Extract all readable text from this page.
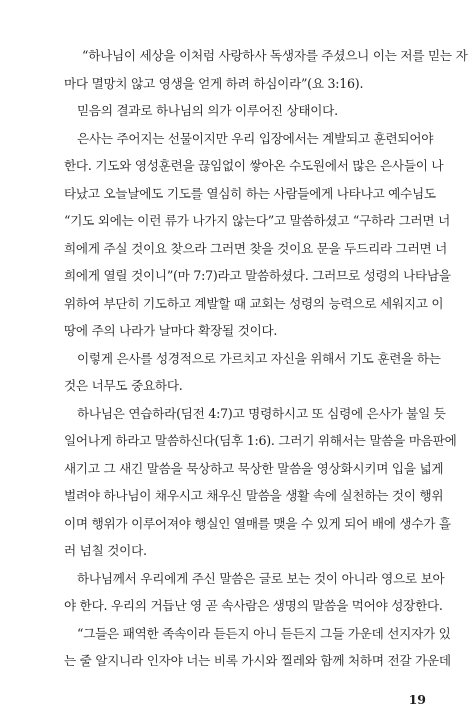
“하나님이 세상을 이처럼 사랑하사 독생자를 주셨으니 이는 저를 믿는 자
마다 멸망치 않고 영생을 얻게 하려 하심이라”(요 3:16).
믿음의 결과로 하나님의 의가 이루어진 상태이다.
은사는 주어지는 선물이지만 우리 입장에서는 계발되고 훈련되어야
한다. 기도와 영성훈련을 끊임없이 쌓아온 수도원에서 많은 은사들이 나
타났고 오늘날에도 기도를 열심히 하는 사람들에게 나타나고 예수님도
“기도 외에는 이런 류가 나가지 않는다”고 말씀하셨고 “구하라 그러면 너
희에게 주실 것이요 찾으라 그러면 찾을 것이요 문을 두드리라 그러면 너
희에게 열릴 것이니”(마 7:7)라고 말씀하셨다. 그러므로 성령의 나타남을
위하여 부단히 기도하고 계발할 때 교회는 성령의 능력으로 세워지고 이
땅에 주의 나라가 날마다 확장될 것이다.
이렇게 은사를 성경적으로 가르치고 자신을 위해서 기도 훈련을 하는
것은 너무도 중요하다.
하나님은 연습하라(딤전 4:7)고 명령하시고 또 심령에 은사가 불일 듯
일어나게 하라고 말씀하신다(딤후 1:6). 그러기 위해서는 말씀을 마음판에
새기고 그 새긴 말씀을 묵상하고 묵상한 말씀을 영상화시키며 입을 넓게
벌려야 하나님이 채우시고 채우신 말씀을 생활 속에 실천하는 것이 행위
이며 행위가 이루어져야 행실인 열매를 맺을 수 있게 되어 배에 생수가 흘
러 넘칠 것이다.
하나님께서 우리에게 주신 말씀은 글로 보는 것이 아니라 영으로 보아
야 한다. 우리의 거듭난 영 곧 속사람은 생명의 말씀을 먹어야 성장한다.
“그들은 패역한 족속이라 듣든지 아니 듣든지 그들 가운데 선지자가 있
는 줄 알지니라 인자야 너는 비록 가시와 찔레와 함께 처하며 전갈 가운데
19
